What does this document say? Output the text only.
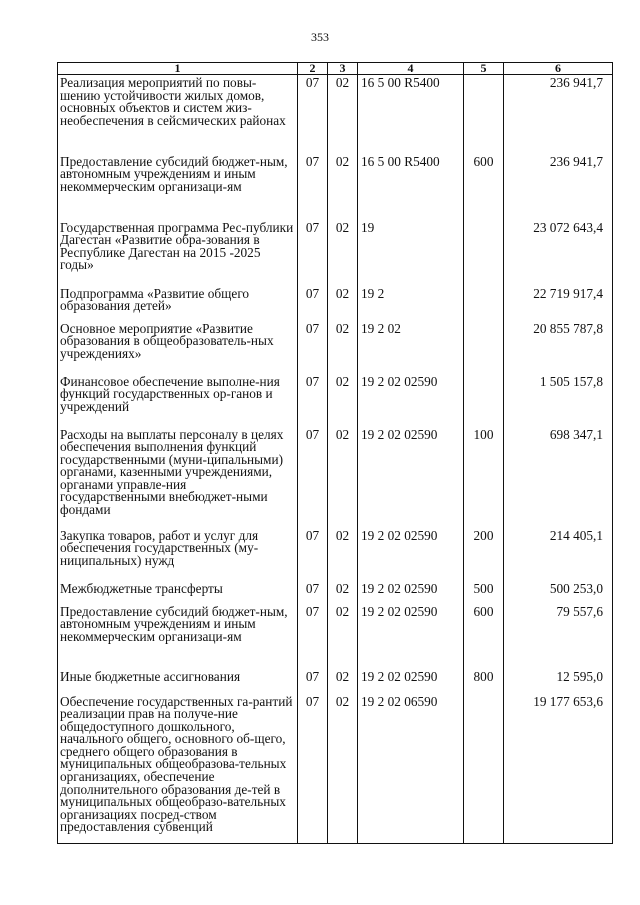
353
1	2	3	4	5	6
Реализация мероприятий по повы-шению устойчивости жилых домов, основных объектов и систем жиз-необеспечения в сейсмических районах	07	02	16 5 00 R5400		236 941,7
Предоставление субсидий бюджет-ным, автономным учреждениям и иным некоммерческим организаци-ям	07	02	16 5 00 R5400	600	236 941,7
Государственная программа Рес-публики Дагестан «Развитие обра-зования в Республике Дагестан на 2015 -2025 годы»	07	02	19		23 072 643,4
Подпрограмма «Развитие общего образования детей»	07	02	19 2		22 719 917,4
Основное мероприятие «Развитие образования в общеобразователь-ных учреждениях»	07	02	19 2 02		20 855 787,8
Финансовое обеспечение выполне-ния функций государственных ор-ганов и учреждений	07	02	19 2 02 02590		1 505 157,8
Расходы на выплаты персоналу в целях обеспечения выполнения функций государственными (муни-ципальными) органами, казенными учреждениями, органами управле-ния государственными внебюджет-ными фондами	07	02	19 2 02 02590	100	698 347,1
Закупка товаров, работ и услуг для обеспечения государственных (му-ниципальных) нужд	07	02	19 2 02 02590	200	214 405,1
Межбюджетные трансферты	07	02	19 2 02 02590	500	500 253,0
Предоставление субсидий бюджет-ным, автономным учреждениям и иным некоммерческим организаци-ям	07	02	19 2 02 02590	600	79 557,6
Иные бюджетные ассигнования	07	02	19 2 02 02590	800	12 595,0
Обеспечение государственных га-рантий реализации прав на получе-ние общедоступного дошкольного, начального общего, основного об-щего, среднего общего образования в муниципальных общеобразова-тельных организациях, обеспечение дополнительного образования де-тей в муниципальных общеобразо-вательных организациях посред-ством предоставления субвенций	07	02	19 2 02 06590		19 177 653,6
